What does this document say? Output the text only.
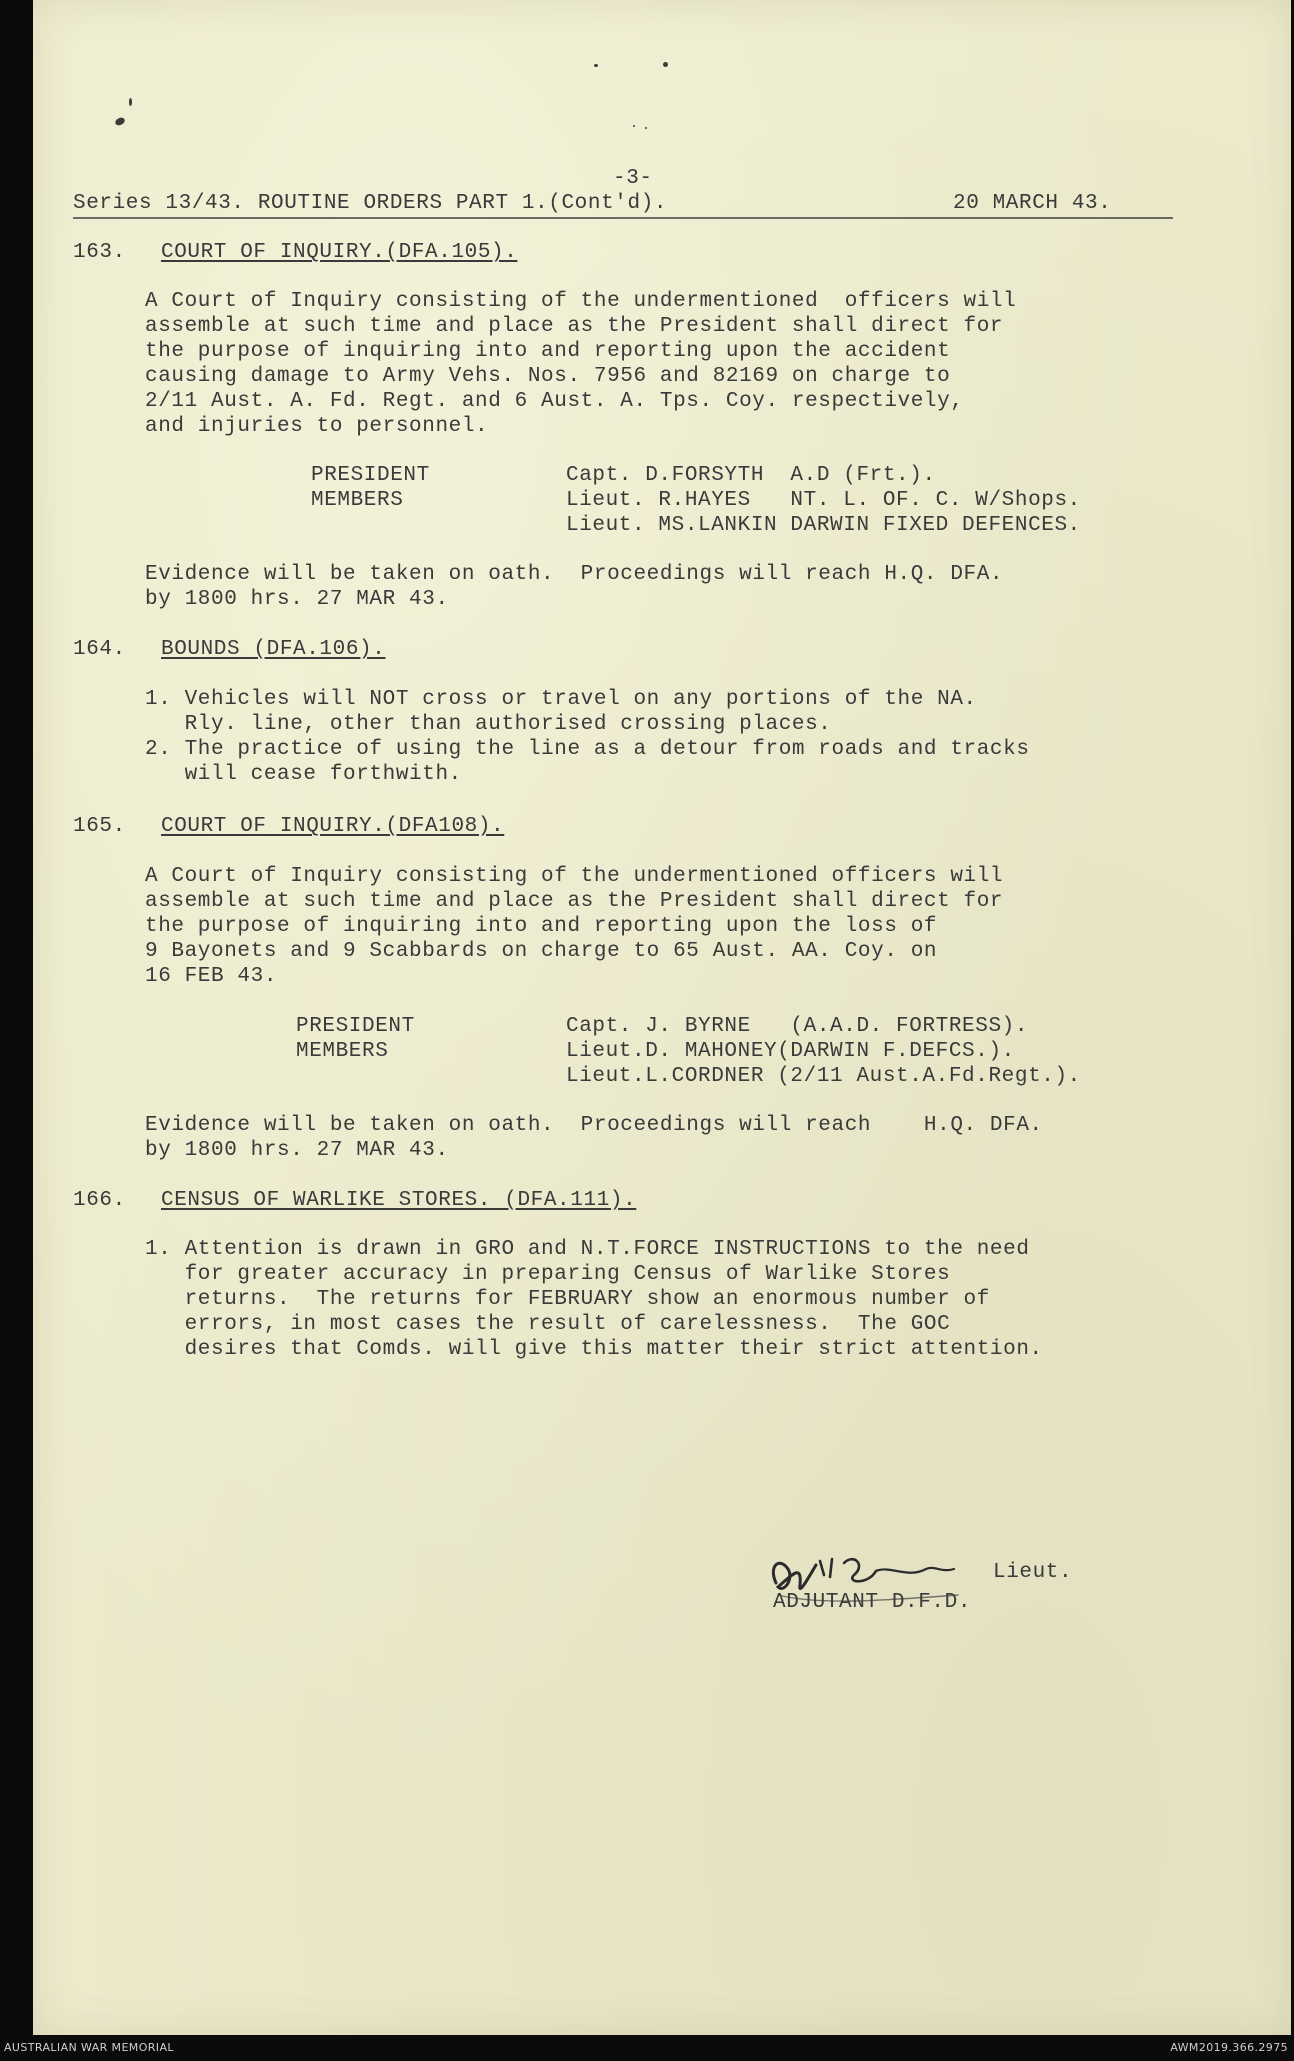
-3-
Series 13/43. ROUTINE ORDERS PART 1.(Cont'd).	20 MARCH 43.
163. COURT OF INQUIRY.(DFA.105).
A Court of Inquiry consisting of the undermentioned  officers will
assemble at such time and place as the President shall direct for
the purpose of inquiring into and reporting upon the accident
causing damage to Army Vehs. Nos. 7956 and 82169 on charge to
2/11 Aust. A. Fd. Regt. and 6 Aust. A. Tps. Coy. respectively,
and injuries to personnel.
PRESIDENT
MEMBERS
Capt. D.FORSYTH  A.D (Frt.).
Lieut. R.HAYES   NT. L. OF. C. W/Shops.
Lieut. MS.LANKIN DARWIN FIXED DEFENCES.
Evidence will be taken on oath.  Proceedings will reach H.Q. DFA.
by 1800 hrs. 27 MAR 43.
164. BOUNDS (DFA.106).
1. Vehicles will NOT cross or travel on any portions of the NA.
Rly. line, other than authorised crossing places.
2. The practice of using the line as a detour from roads and tracks
will cease forthwith.
165. COURT OF INQUIRY.(DFA108).
A Court of Inquiry consisting of the undermentioned officers will
assemble at such time and place as the President shall direct for
the purpose of inquiring into and reporting upon the loss of
9 Bayonets and 9 Scabbards on charge to 65 Aust. AA. Coy. on
16 FEB 43.
PRESIDENT
MEMBERS
Capt. J. BYRNE   (A.A.D. FORTRESS).
Lieut.D. MAHONEY(DARWIN F.DEFCS.).
Lieut.L.CORDNER (2/11 Aust.A.Fd.Regt.).
Evidence will be taken on oath.  Proceedings will reach    H.Q. DFA.
by 1800 hrs. 27 MAR 43.
166. CENSUS OF WARLIKE STORES. (DFA.111).
1. Attention is drawn in GRO and N.T.FORCE INSTRUCTIONS to the need
for greater accuracy in preparing Census of Warlike Stores
returns.  The returns for FEBRUARY show an enormous number of
errors, in most cases the result of carelessness.  The GOC
desires that Comds. will give this matter their strict attention.
Lieut.
ADJUTANT D.F.D.
AUSTRALIAN WAR MEMORIAL	AWM2019.366.2975
